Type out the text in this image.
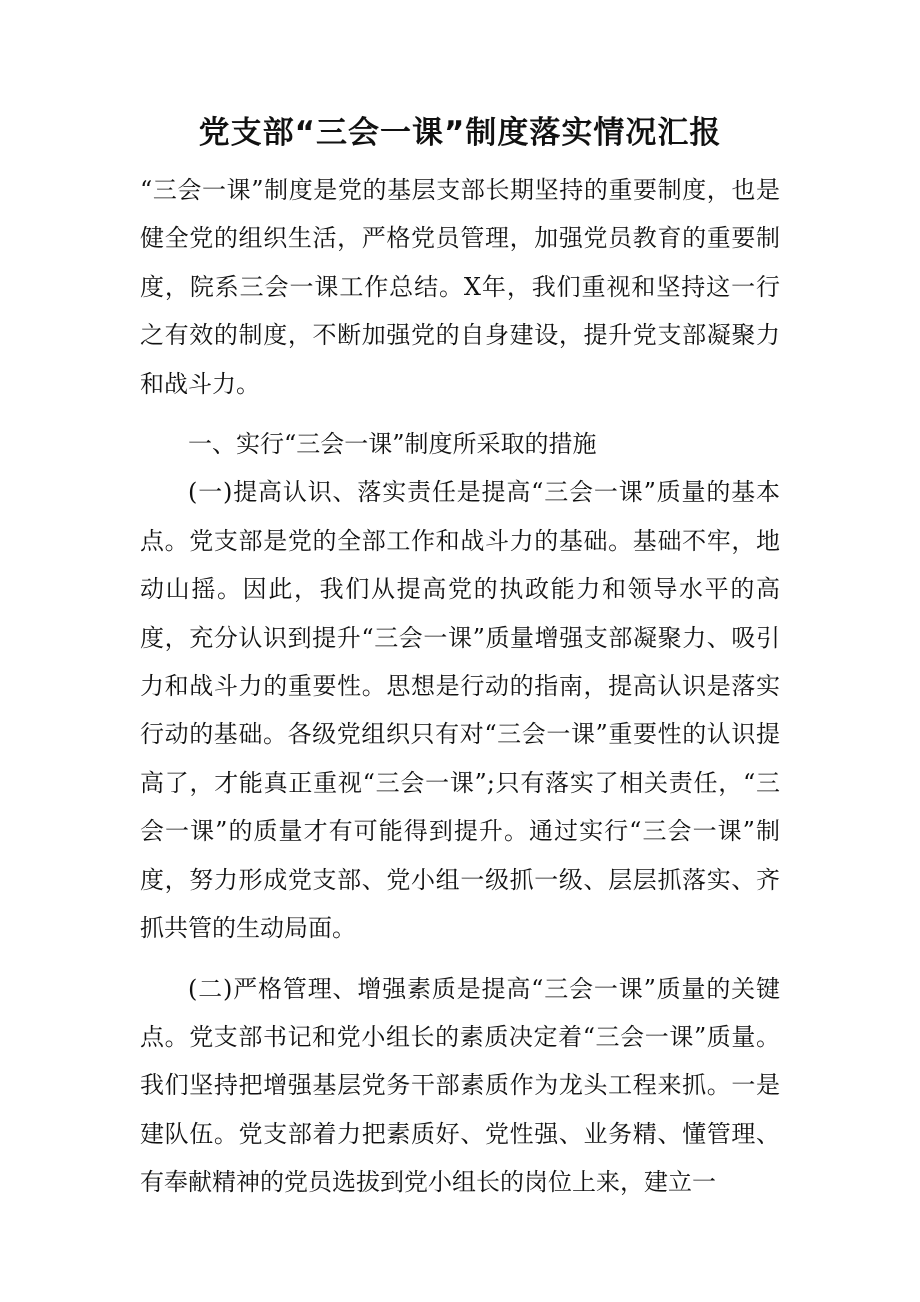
党支部“三会一课”制度落实情况汇报

“三会一课”制度是党的基层支部长期坚持的重要制度，也是健全党的组织生活，严格党员管理，加强党员教育的重要制度，院系三会一课工作总结。X年，我们重视和坚持这一行之有效的制度，不断加强党的自身建设，提升党支部凝聚力和战斗力。

一、实行“三会一课”制度所采取的措施

(一)提高认识、落实责任是提高“三会一课”质量的基本点。党支部是党的全部工作和战斗力的基础。基础不牢，地动山摇。因此，我们从提高党的执政能力和领导水平的高度，充分认识到提升“三会一课”质量增强支部凝聚力、吸引力和战斗力的重要性。思想是行动的指南，提高认识是落实行动的基础。各级党组织只有对“三会一课”重要性的认识提高了，才能真正重视“三会一课”;只有落实了相关责任，“三会一课”的质量才有可能得到提升。通过实行“三会一课”制度，努力形成党支部、党小组一级抓一级、层层抓落实、齐抓共管的生动局面。

(二)严格管理、增强素质是提高“三会一课”质量的关键点。党支部书记和党小组长的素质决定着“三会一课”质量。我们坚持把增强基层党务干部素质作为龙头工程来抓。一是建队伍。党支部着力把素质好、党性强、业务精、懂管理、有奉献精神的党员选拔到党小组长的岗位上来，建立一
